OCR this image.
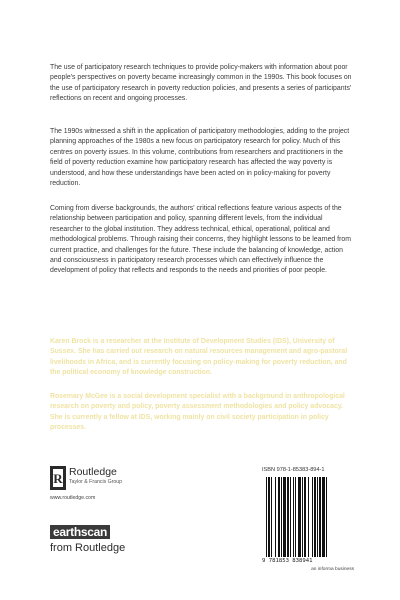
The use of participatory research techniques to provide policy-makers with information about poor people's perspectives on poverty became increasingly common in the 1990s. This book focuses on the use of participatory research in poverty reduction policies, and presents a series of participants' reflections on recent and ongoing processes.
The 1990s witnessed a shift in the application of participatory methodologies, adding to the project planning approaches of the 1980s a new focus on participatory research for policy. Much of this centres on poverty issues. In this volume, contributions from researchers and practitioners in the field of poverty reduction examine how participatory research has affected the way poverty is understood, and how these understandings have been acted on in policy-making for poverty reduction.
Coming from diverse backgrounds, the authors' critical reflections feature various aspects of the relationship between participation and policy, spanning different levels, from the individual researcher to the global institution. They address technical, ethical, operational, political and methodological problems. Through raising their concerns, they highlight lessons to be learned from current practice, and challenges for the future. These include the balancing of knowledge, action and consciousness in participatory research processes which can effectively influence the development of policy that reflects and responds to the needs and priorities of poor people.
Karen Brock is a researcher at the Institute of Development Studies (IDS), University of Sussex. She has carried out research on natural resources management and agro-pastoral livelihoods in Africa, and is currently focusing on policy-making for poverty reduction, and the political economy of knowledge construction.
Rosemary McGee is a social development specialist with a background in anthropological research on poverty and policy, poverty assessment methodologies and policy advocacy. She is currently a fellow at IDS, working mainly on civil society participation in policy processes.
R Routledge
Taylor & Francis Group
www.routledge.com
earthscan
from Routledge
ISBN 978-1-85383-894-1
9 781853 838941
an informa business
